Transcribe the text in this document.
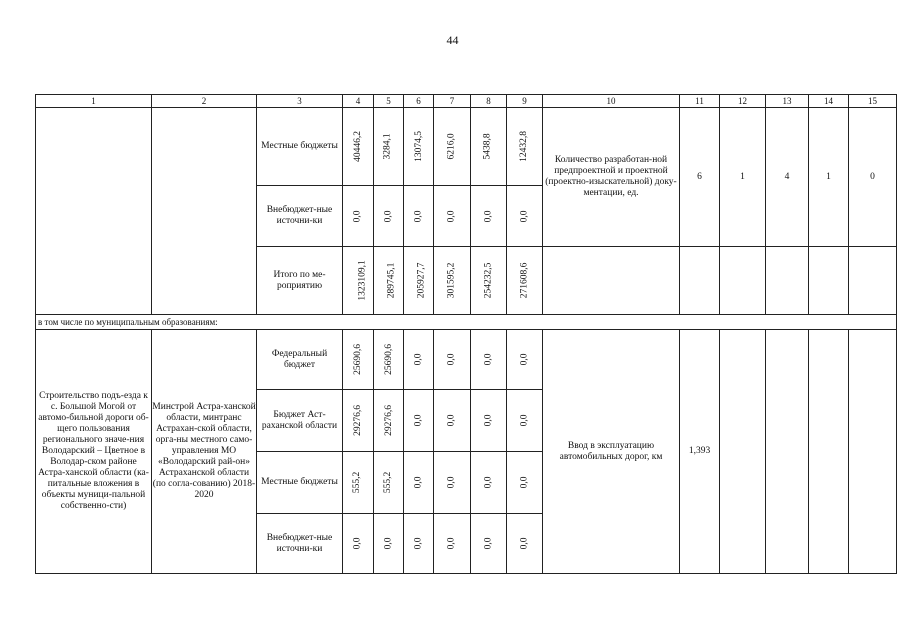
44
1	2	3	4	5	6	7	8	9	10	11	12	13	14	15
		Местные бюджеты	40446,2	3284,1	13074,5	6216,0	5438,8	12432,8	Количество разработан-ной предпроектной и проектной (проектно-изыскательной) доку-ментации, ед.	6	1	4	1	0
		Внебюджет-ные источни-ки	0,0	0,0	0,0	0,0	0,0	0,0						
		Итого по ме-роприятию	1323109,1	289745,1	205927,7	301595,2	254232,5	271608,6						
в том числе по муниципальным образованиям:														
Строительство подъ-езда к с. Большой Могой от автомо-бильной дороги об-щего пользования регионального значе-ния Володарский – Цветное в Володар-ском районе Астра-ханской области (ка-питальные вложения в объекты муници-пальной собственно-сти)	Минстрой Астра-ханской области, минтранс Астрахан-ской области, орга-ны местного само-управления МО «Володарский рай-он» Астраханской области (по согла-сованию) 2018-2020	Федеральный бюджет	25690,6	25690,6	0,0	0,0	0,0	0,0	Ввод в эксплуатацию автомобильных дорог, км	1,393				
		Бюджет Аст-раханской области	29276,6	29276,6	0,0	0,0	0,0	0,0						
		Местные бюджеты	555,2	555,2	0,0	0,0	0,0	0,0						
		Внебюджет-ные источни-ки	0,0	0,0	0,0	0,0	0,0	0,0						
